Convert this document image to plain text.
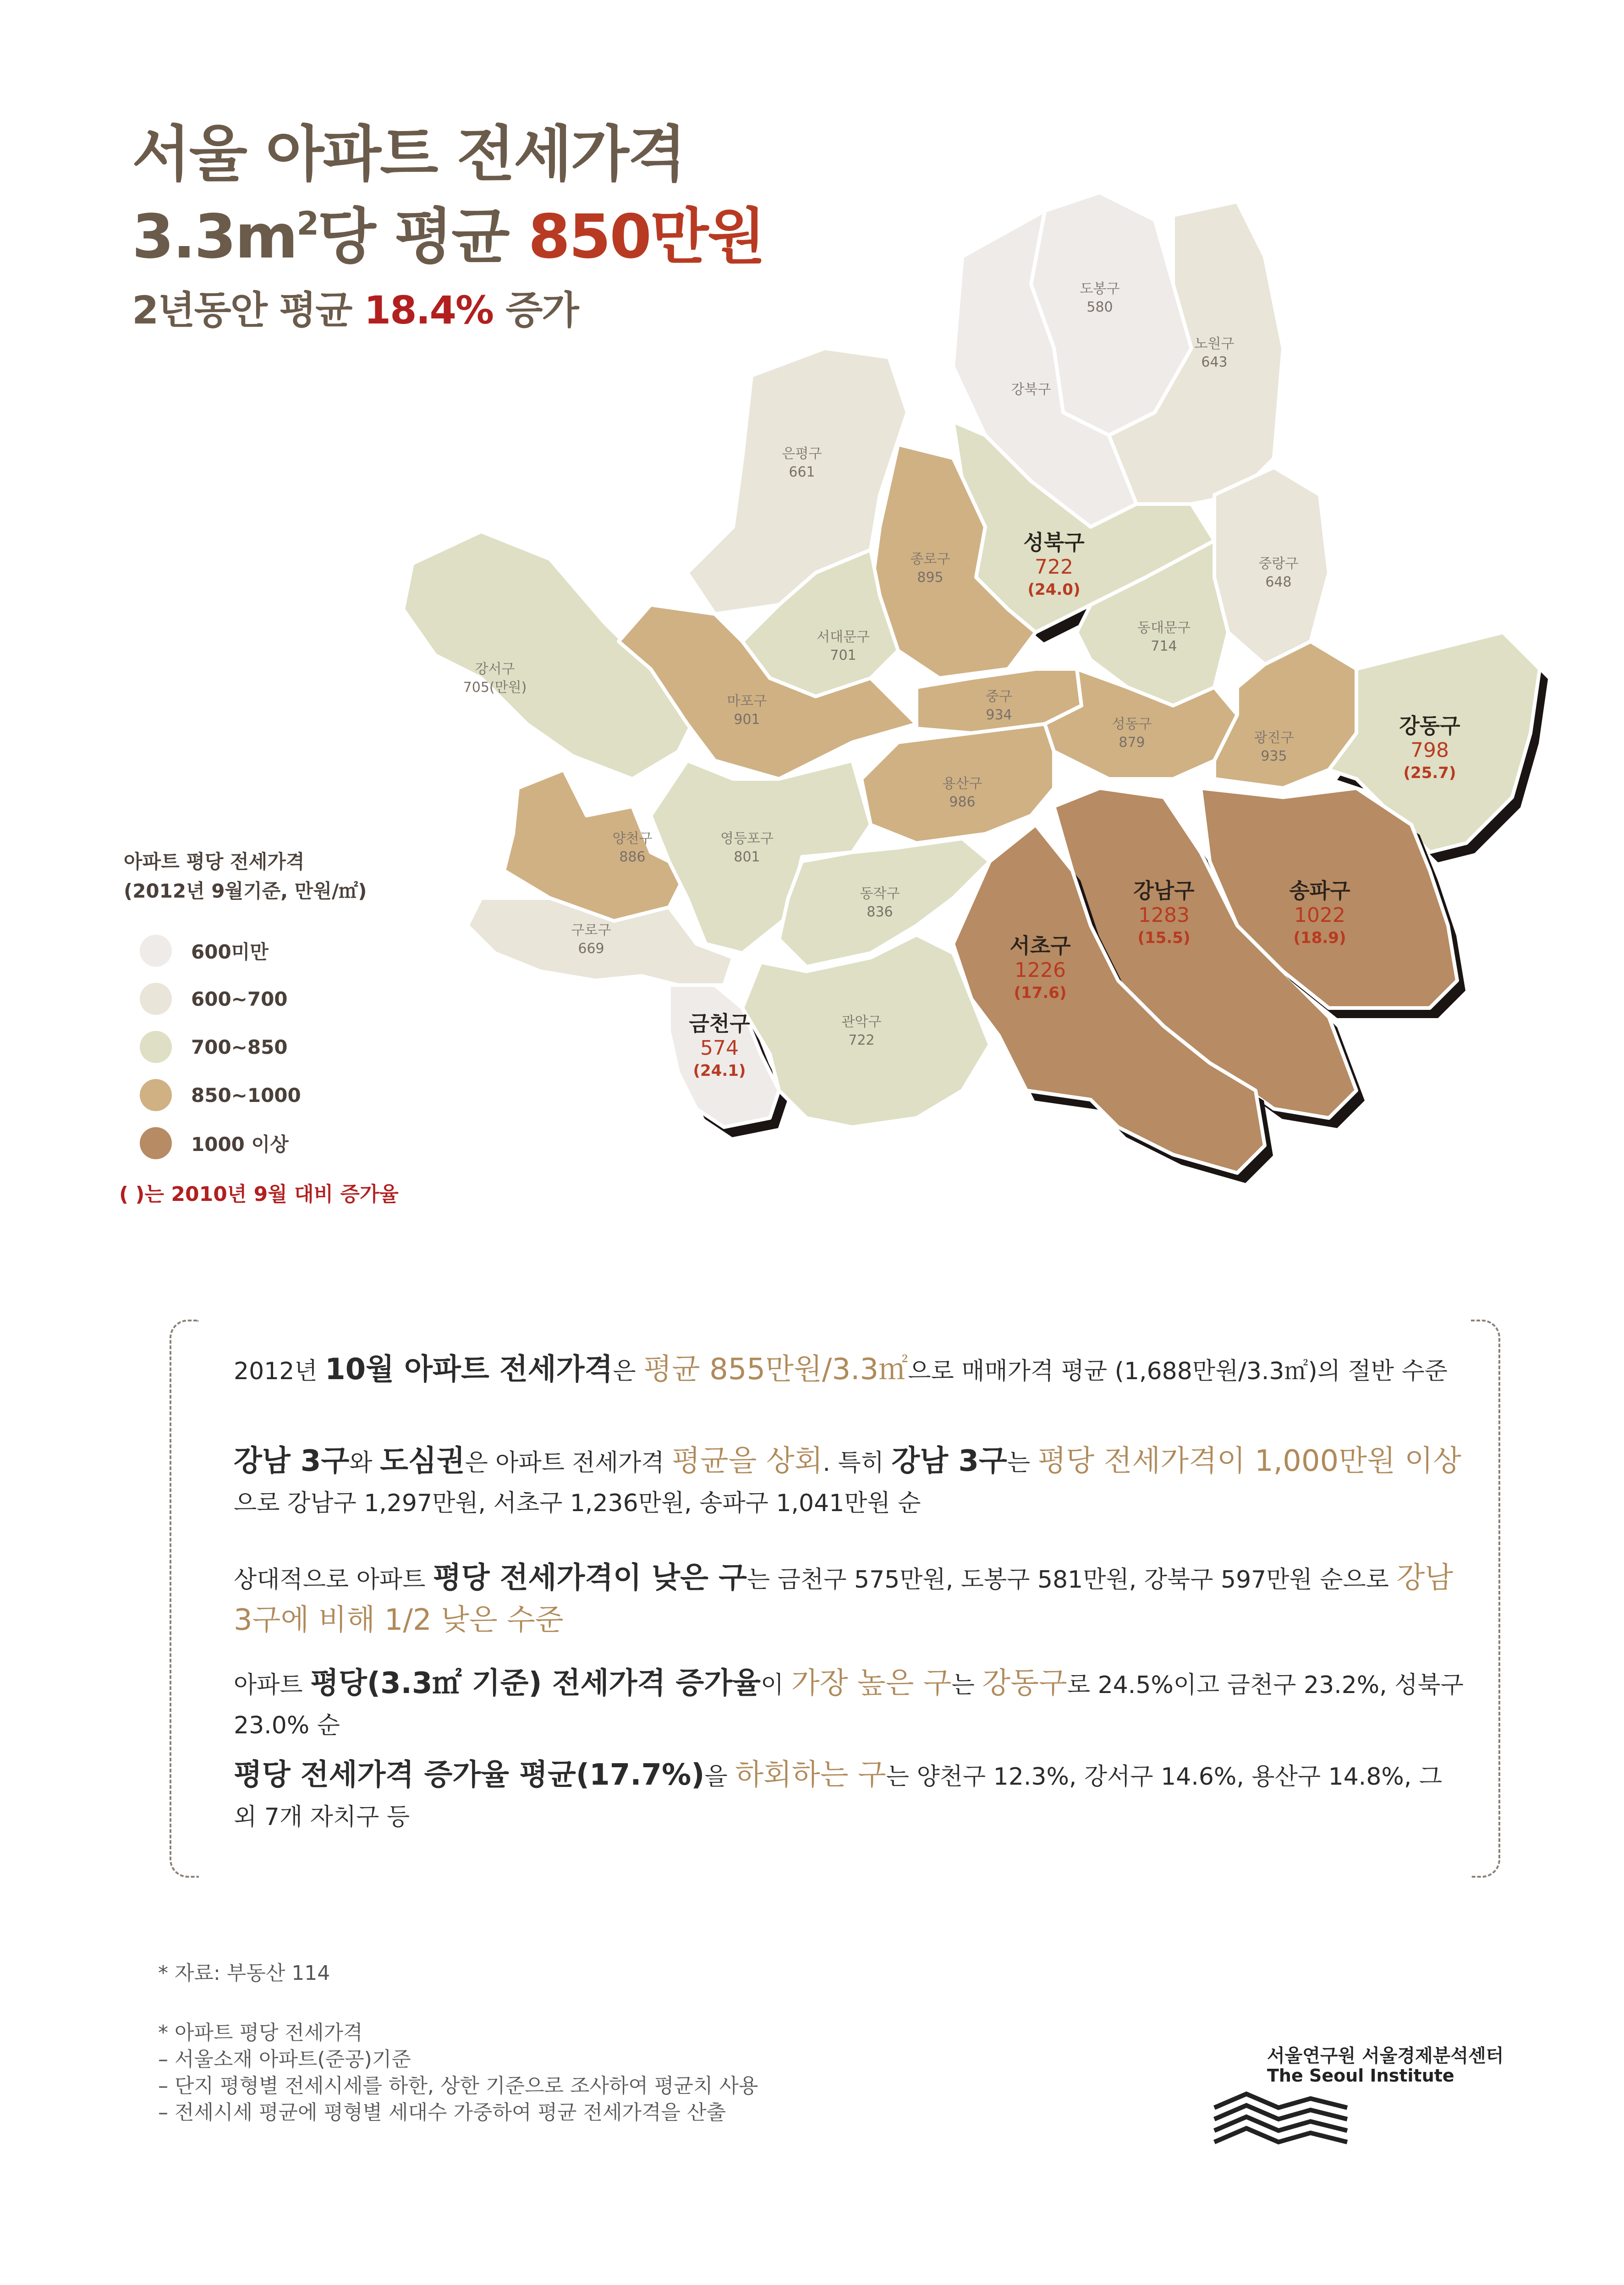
서울 아파트 전세가격
$3.3m^2$당 평균 850만원
2년동안 평균 18.4% 증가	도봉구
580
강북구
노원구
643
은평구
661
성북구
722
(24.0)
종로구
895
중랑구
648
서대문구
701
동대문구
714
강서구
705(만원)
마포구
901
중구
934
성동구
879	광진구
935
강동구
798
(25.7)
용산구
986
양천구
886
영등포구
801
구로구
669
동작구
836
강남구
1283
(15.5)
송파구
1022
(18.9)
서초구
1226
(17.6)
금천구
574
(24.1)
관악구
722
아파트 평당 전세가격
(2012년 9월기준, 만원/㎡)
600미만
600~700
700~850
850~1000
1000 이상
( )는 2010년 9월 대비 증가율
2012년 10월 아파트 전세가격은 평균 855만원/3.3㎡으로 매매가격 평균 (1,688만원/3.3㎡)의 절반 수준
강남 3구와 도심권은 아파트 전세가격 평균을 상회. 특히 강남 3구는 평당 전세가격이 1,000만원 이상으로 강남구 1,297만원, 서초구 1,236만원, 송파구 1,041만원 순
상대적으로 아파트 평당 전세가격이 낮은 구는 금천구 575만원, 도봉구 581만원, 강북구 597만원 순으로 강남3구에 비해 1/2 낮은 수준
아파트 평당(3.3㎡ 기준) 전세가격 증가율이 가장 높은 구는 강동구로 24.5%이고 금천구 23.2%, 성북구 23.0% 순
평당 전세가격 증가율 평균(17.7%)을 하회하는 구는 양천구 12.3%, 강서구 14.6%, 용산구 14.8%, 그 외 7개 자치구 등
* 자료: 부동산 114
* 아파트 평당 전세가격
– 서울소재 아파트(준공)기준
– 단지 평형별 전세시세를 하한, 상한 기준으로 조사하여 평균치 사용
– 전세시세 평균에 평형별 세대수 가중하여 평균 전세가격을 산출
서울연구원 서울경제분석센터
The Seoul Institute
